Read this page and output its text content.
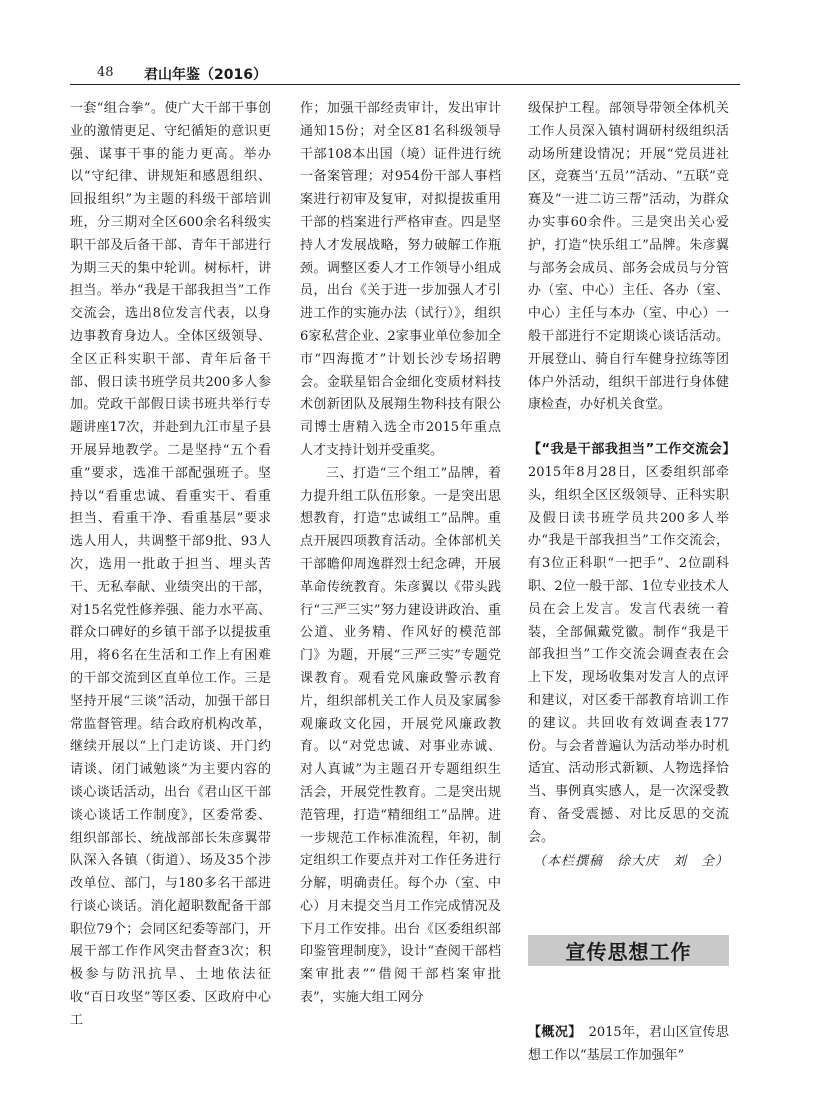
48 君山年鉴（2016）

一套“组合拳”。使广大干部干事创业的激情更足、守纪循矩的意识更强、谋事干事的能力更高。举办以“守纪律、讲规矩和感恩组织、回报组织”为主题的科级干部培训班，分三期对全区600余名科级实职干部及后备干部、青年干部进行为期三天的集中轮训。树标杆，讲担当。举办“我是干部我担当”工作交流会，选出8位发言代表，以身边事教育身边人。全体区级领导、全区正科实职干部、青年后备干部、假日读书班学员共200多人参加。党政干部假日读书班共举行专题讲座17次，并赴到九江市星子县开展异地教学。二是坚持“五个看重”要求，选准干部配强班子。坚持以“看重忠诚、看重实干、看重担当、看重干净、看重基层”要求选人用人，共调整干部9批、93人次，选用一批敢于担当、埋头苦干、无私奉献、业绩突出的干部，对15名党性修养强、能力水平高、群众口碑好的乡镇干部予以提拔重用，将6名在生活和工作上有困难的干部交流到区直单位工作。三是坚持开展“三谈”活动，加强干部日常监督管理。结合政府机构改革，继续开展以“上门走访谈、开门约请谈、闭门诫勉谈”为主要内容的谈心谈话活动，出台《君山区干部谈心谈话工作制度》，区委常委、组织部部长、统战部部长朱彦翼带队深入各镇（街道）、场及35个涉改单位、部门，与180多名干部进行谈心谈话。消化超职数配备干部职位79个；会同区纪委等部门，开展干部工作作风突击督查3次；积极参与防汛抗旱、土地依法征收“百日攻坚”等区委、区政府中心工

作；加强干部经责审计，发出审计通知15份；对全区81名科级领导干部108本出国（境）证件进行统一备案管理；对954份干部人事档案进行初审及复审，对拟提拔重用干部的档案进行严格审查。四是坚持人才发展战略，努力破解工作瓶颈。调整区委人才工作领导小组成员，出台《关于进一步加强人才引进工作的实施办法（试行）》，组织6家私营企业、2家事业单位参加全市“四海揽才”计划长沙专场招聘会。金联星铝合金细化变质材料技术创新团队及展翔生物科技有限公司博士唐精入选全市2015年重点人才支持计划并受重奖。

三、打造“三个组工”品牌，着力提升组工队伍形象。一是突出思想教育，打造“忠诚组工”品牌。重点开展四项教育活动。全体部机关干部瞻仰周逸群烈士纪念碑，开展革命传统教育。朱彦翼以《带头践行“三严三实”努力建设讲政治、重公道、业务精、作风好的模范部门》为题，开展“三严三实”专题党课教育。观看党风廉政警示教育片，组织部机关工作人员及家属参观廉政文化园，开展党风廉政教育。以“对党忠诚、对事业赤诚、对人真诚”为主题召开专题组织生活会，开展党性教育。二是突出规范管理，打造“精细组工”品牌。进一步规范工作标准流程，年初，制定组织工作要点并对工作任务进行分解，明确责任。每个办（室、中心）月末提交当月工作完成情况及下月工作安排。出台《区委组织部印鉴管理制度》，设计“查阅干部档案审批表”“借阅干部档案审批表”，实施大组工网分

级保护工程。部领导带领全体机关工作人员深入镇村调研村级组织活动场所建设情况；开展“党员进社区，竞赛当‘五员’”活动、“五联”竞赛及“一进二访三帮”活动，为群众办实事60余件。三是突出关心爱护，打造“快乐组工”品牌。朱彦翼与部务会成员、部务会成员与分管办（室、中心）主任、各办（室、中心）主任与本办（室、中心）一般干部进行不定期谈心谈话活动。开展登山、骑自行车健身拉练等团体户外活动，组织干部进行身体健康检查，办好机关食堂。

【“我是干部我担当”工作交流会】　2015年8月28日，区委组织部牵头，组织全区区级领导、正科实职及假日读书班学员共200多人举办“我是干部我担当”工作交流会，有3位正科职“一把手”、2位副科职、2位一般干部、1位专业技术人员在会上发言。发言代表统一着装，全部佩戴党徽。制作“我是干部我担当”工作交流会调查表在会上下发，现场收集对发言人的点评和建议，对区委干部教育培训工作的建议。共回收有效调查表177份。与会者普遍认为活动举办时机适宜、活动形式新颖、人物选择恰当、事例真实感人，是一次深受教育、备受震撼、对比反思的交流会。

（本栏撰稿　徐大庆　刘　全）

宣传思想工作

【概况】　 2015年，君山区宣传思想工作以“基层工作加强年”
